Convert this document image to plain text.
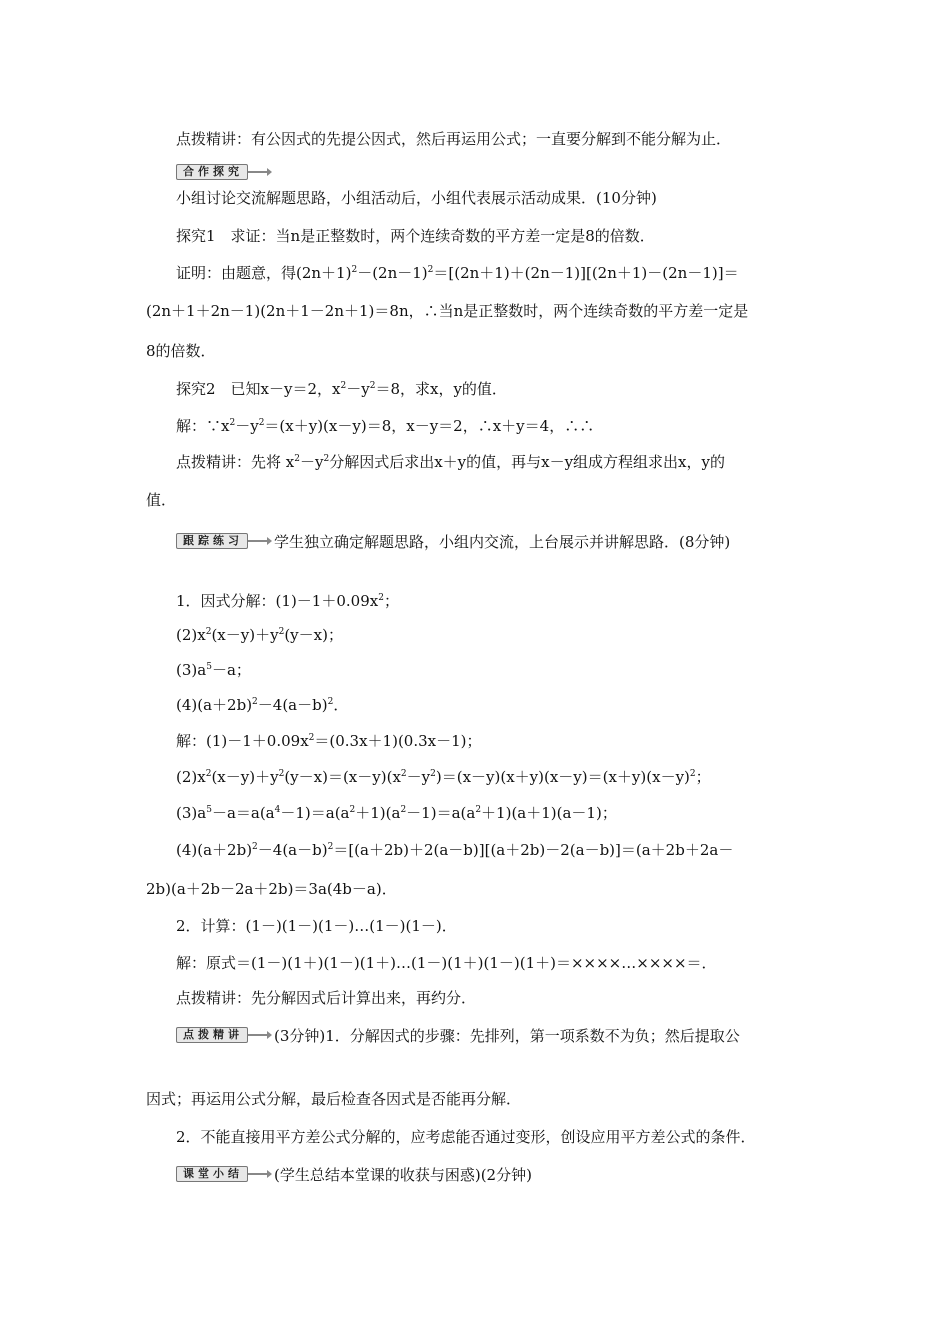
点拨精讲：有公因式的先提公因式，然后再运用公式；一直要分解到不能分解为止．
合作探究
小组讨论交流解题思路，小组活动后，小组代表展示活动成果．(10分钟)
探究1　求证：当n是正整数时，两个连续奇数的平方差一定是8的倍数．
证明：由题意，得$(2n+1)^2-(2n-1)^2=[(2n+1)+(2n-1)][(2n+1)-(2n-1)]=$
(2n＋1＋2n－1)(2n＋1－2n＋1)＝8n，∴当n是正整数时，两个连续奇数的平方差一定是
8的倍数．
探究2　已知x－y＝2，$x^2-y^2=8$，求x，y的值．
解：$\because x^2-y^2=(x+y)(x-y)=8$，x－y＝2，∴x＋y＝4，∴∴
点拨精讲：先将 $x^2-y^2$分解因式后求出x＋y的值，再与x－y组成方程组求出x，y的
值．
跟踪练习	学生独立确定解题思路，小组内交流，上台展示并讲解思路．(8分钟)
1．因式分解：$(1)-1+0.09x^2$；
$(2)x^2(x-y)+y^2(y-x)$；
$(3)a^5-a$；
$(4)(a+2b)^2-4(a-b)^2$．
解：$(1)-1+0.09x^2=(0.3x+1)(0.3x-1)$；
$(2)x^2(x-y)+y^2(y-x)=(x-y)(x^2-y^2)=(x-y)(x+y)(x-y)=(x+y)(x-y)^2$；
$(3)a^5-a=a(a^4-1)=a(a^2+1)(a^2-1)=a(a^2+1)(a+1)(a-1)$；
$(4)(a+2b)^2-4(a-b)^2=[(a+2b)+2(a-b)][(a+2b)-2(a-b)]=(a+2b+2a-$
2b)(a＋2b－2a＋2b)＝3a(4b－a)．
2．计算：(1－)(1－)(1－)…(1－)(1－)．
解：原式＝(1－)(1＋)(1－)(1＋)…(1－)(1＋)(1－)(1＋)＝××××…××××＝．
点拨精讲：先分解因式后计算出来，再约分．
点拨精讲	(3分钟)1．分解因式的步骤：先排列，第一项系数不为负；然后提取公
因式；再运用公式分解，最后检查各因式是否能再分解．
2．不能直接用平方差公式分解的，应考虑能否通过变形，创设应用平方差公式的条件．
课堂小结	(学生总结本堂课的收获与困惑)(2分钟)
